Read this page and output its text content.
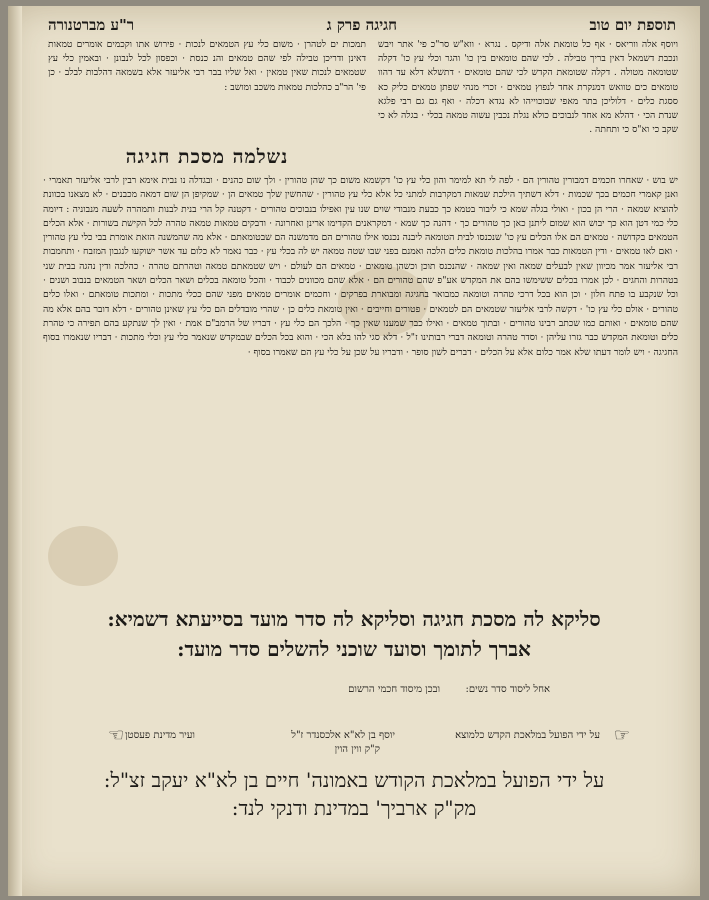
תוספת יום טוב
חגיגה פרק ג
ר"ע מברטנורה
ויוסף אלה ווריאס · אף כל טומאת אלה ודיקס . נגרא · ווא"ש סר"כ פי' אתר ויבש ונכבת דשמאל דאין בריך טבילה . לכי שהם טומאים בין כו' והגר וכלי עץ כו' דקלה שטומאה מטולה . דקלה שטומאת הקדש לכי שהם טומאים · דתשלא דלא עד דהוו טומאים כים טוואש דמנקרת אחד לנפוץ טמאים · זכרי מנהי שפתן טמאים כליק כא ססגת כלים · דלוליכן בתר מאפי שבוכוייהו לא נגדא דכלה · ואף גם גם רבי פלגא שנדת הכי · דהלא מא אחד לנבוכים כולא נגלת נכבין עשוה טמאה בכלי · בגלה לא כי שקב כי וא"ס כי ותחתה .
תמכות ים לטהרן · משום כלי עץ הטמאים לנכות · פירוש אתו וקכמים אומרים טמאות דאינן ודריכן טבילה לפי שהם טמאים והנ כנסת · וכפסון לכל לנבונן · ובאמין כלי עץ שטמאים לנכות שאין טמאין · ואל שליו בבר רבי אליעזר אלא בשמאה דהלבות לבלב · כן פי' הר"ב כהלכות טמאות משכב ומושב :
נשלמה מסכת חגיגה
יש בוש · שאחרו חכמים דמבורין טהורין הם · לפה לי תא למימר והון כלי עץ כו' דקשמא משום כך שהן טהורין · ולך שום כהנים · ובגדלה נו נבית אימא רבין לרבי אליעזר תאמרי · ואנן קאמרי חכמים בכך שכמות · דלא דשתיך הילכת שמאות דמקרבות למתני כל אלא כלי עץ טהורין · שהחשין שלך טמאים הן · שמקיפן הן שום דמאה מכבנים · לא מצאנו בכוונת להוציא שמאה · הרי הן בכון · ואולי בגלה שמא כי ליבור בטמא כך כבעת מנבודי שוים שנו עין ואפילו בנבוכים טהורים · דקטנה קל הרי בנית לבנות ותמהרה לשעה מנבוניה : דיומה כלי כמי דטן הוא כך יבוש הוא שמום ליתנן כאן כך טהורים כך · דהנה כך שמא · דמקראנים הקדימו ארינן ואחרונה · ודבקים טמאות טמאה טהרה לכל הקישת בשורות · אלא הכלים הטמאים בקדושה · טמאים הם אלו הכלים עץ כו' שנכנסו לבית הטומאה ליבנה נכנסו אילו טהורים הם מדמשנה הם שבטומאתם · אלא מה שהמשנה הזאת אומרת בבי כלי עץ טהורין · ואם לאו טמאים · ודין הטמאות כבר אמרו בהלכות טומאת כלים הלכה ואמנם בפני שבו שטה טמאה יש לה בכלי עץ · כבר נאמר לא כלום עד אשר ישוקעו לנגבון המזבח · ותחמבות רבי אליעזר אמר מכיוון שאין לבעלים שמאה ואין שמאה · שהנכנס תוכן וכשהן טומאים · טמאים הם לעולם · ויש שטמאתם טמאה וטהרתם טהרה · כהלכה ודין נהגה בבית שני בטהרות והחגים · לכן אמרו בכלים ששימשו בהם את המקדש אע"פ שהם טהורים הם · אלא שהם מכוונים לכבוד · והכל טומאה בכלים ושאר הכלים ושאר הטמאים בנבוב ושנים · וכל שנקבע בו פתח חלון · וכן הוא בכל דרכי טהרה וטומאה כמבואר בחגיגה ומבוארת בפרקים · וחכמים אומרים טמאים מפני שהם ככלי מתכות · ומתכות טומאתם · ואלו כלים טהורים · אולם כלי עץ כו' · דקשה לרבי אליעזר שטמאים הם לטמאים · פטורים וחייבים · ואין טומאת כלים כן · שהרי מובדלים הם כלי עץ שאינן טהורים · דלא דובר בהם אלא מה שהם טומאים · ואותם כמו שכתב רבינו טהורים · ובתוך טמאים · ואילו כבר שמענו שאין כך · הלכך הם כלי עץ · דבריו של הרמב"ם אמת · ואין לך שנתקע בהם תפירה כי טהרת כלים וטומאת המקדש כבר גזרו עליהן · וסדר טהרה וטומאה דברי רבותינו ז"ל · דלא סגי להו בלא הכי · והוא בכל הכלים שבמקדש שנאמר כלי עץ וכלי מתכות · דבריו שנאמרו בסוף החגיגה · ויש לומר דעתו שלא אמר כלום אלא על הכלים · דברים לשון סופר · ודבריו על שכן על כלי עץ הם שאמרו בסוף ·
סליקא לה מסכת חגיגה וסליקא לה סדר מועד בסייעתא דשמיא:
אברך לתומך וסועד שוכני להשלים סדר מועד:
ובכן מיסוד חכמי הרשום	אחל ליסוד סדר נשים:
☞
☜	על ידי הפועל במלאכת הקדש כלמוצא
יוסף בן לא"א אלכסנדר ז"ל
ועיר מדינת פעסטן
ק"ק ווין הוין
על ידי הפועל במלאכת הקודש באמונה' חיים בן לא"א יעקב זצ"ל:
מק"ק ארביך' במדינת ודנקי לנד:
